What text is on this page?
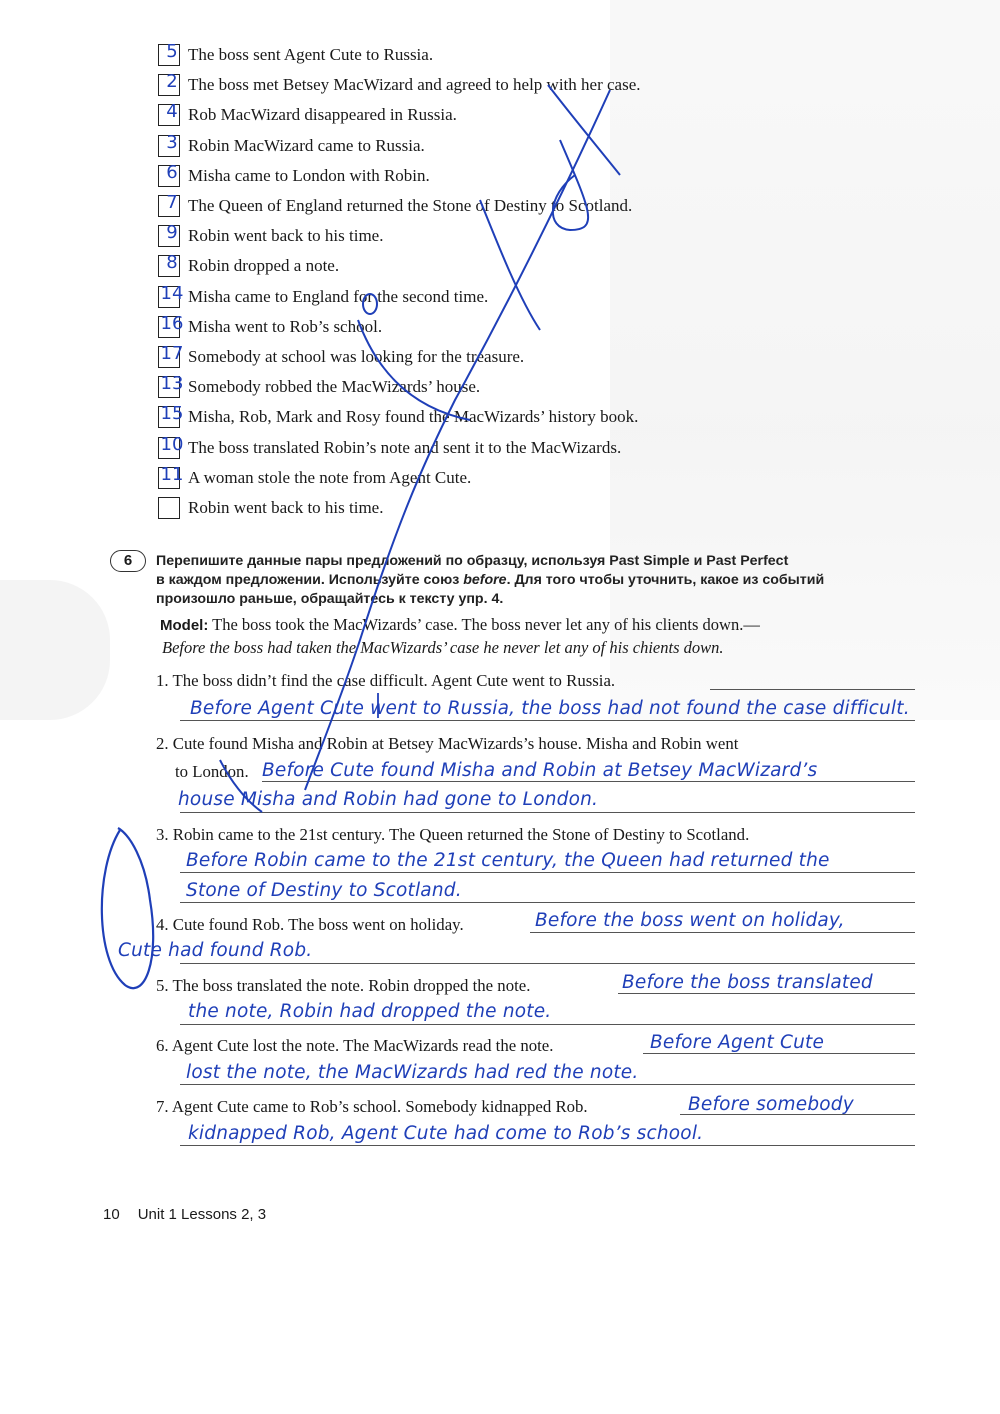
5 The boss sent Agent Cute to Russia.
2 The boss met Betsey MacWizard and agreed to help with her case.
4 Rob MacWizard disappeared in Russia.
3 Robin MacWizard came to Russia.
6 Misha came to London with Robin.
7 The Queen of England returned the Stone of Destiny to Scotland.
9 Robin went back to his time.
8 Robin dropped a note.
14 Misha came to England for the second time.
16 Misha went to Rob’s school.
17 Somebody at school was looking for the treasure.
13 Somebody robbed the MacWizards’ house.
15 Misha, Rob, Mark and Rosy found the MacWizards’ history book.
10 The boss translated Robin’s note and sent it to the MacWizards.
11 A woman stole the note from Agent Cute.
Robin went back to his time.
6	Перепишите данные пары предложений по образцу, используя Past Simple и Past Perfect
в каждом предложении. Используйте союз before. Для того чтобы уточнить, какое из событий
произошло раньше, обращайтесь к тексту упр. 4.
Model: The boss took the MacWizards’ case. The boss never let any of his clients down.—
Before the boss had taken the MacWizards’ case he never let any of his chients down.
1. The boss didn’t find the case difficult. Agent Cute went to Russia.
2. Cute found Misha and Robin at Betsey MacWizards’s house. Misha and Robin went
to London.
3. Robin came to the 21st century. The Queen returned the Stone of Destiny to Scotland.
4. Cute found Rob. The boss went on holiday.
5. The boss translated the note. Robin dropped the note.
6. Agent Cute lost the note. The MacWizards read the note.
7. Agent Cute came to Rob’s school. Somebody kidnapped Rob.
Before Agent Cute went to Russia, the boss had not found the case difficult.
Before Cute found Misha and Robin at Betsey MacWizard’s
house Misha and Robin had gone to London.
Before Robin came to the 21st century, the Queen had returned the
Stone of Destiny to Scotland.
Before the boss went on holiday,
Cute had found Rob.
Before the boss translated
the note, Robin had dropped the note.
Before Agent Cute
lost the note, the MacWizards had red the note.
Before somebody
kidnapped Rob, Agent Cute had come to Rob’s school.
10 Unit 1 Lessons 2, 3
